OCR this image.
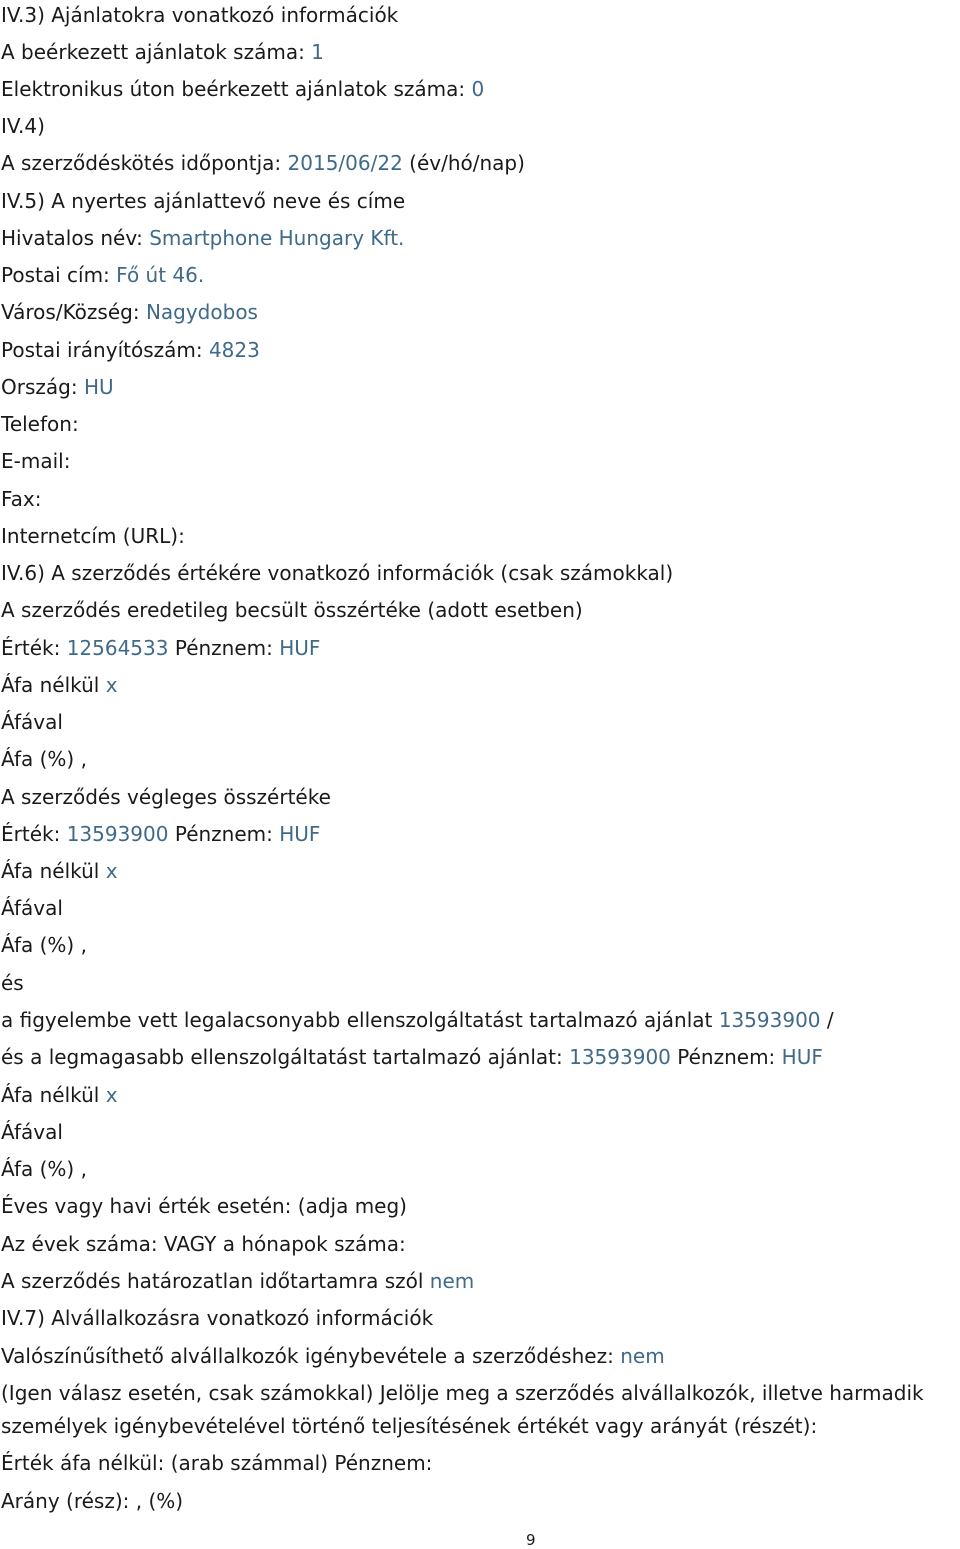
IV.3) Ajánlatokra vonatkozó információk
A beérkezett ajánlatok száma: 1
Elektronikus úton beérkezett ajánlatok száma: 0
IV.4)
A szerződéskötés időpontja: 2015/06/22 (év/hó/nap)
IV.5) A nyertes ajánlattevő neve és címe
Hivatalos név: Smartphone Hungary Kft.
Postai cím: Fő út 46.
Város/Község: Nagydobos
Postai irányítószám: 4823
Ország: HU
Telefon:
E-mail:
Fax:
Internetcím (URL):
IV.6) A szerződés értékére vonatkozó információk (csak számokkal)
A szerződés eredetileg becsült összértéke (adott esetben)
Érték: 12564533 Pénznem: HUF
Áfa nélkül x
Áfával
Áfa (%) ,
A szerződés végleges összértéke
Érték: 13593900 Pénznem: HUF
Áfa nélkül x
Áfával
Áfa (%) ,
és
a figyelembe vett legalacsonyabb ellenszolgáltatást tartalmazó ajánlat 13593900 /
és a legmagasabb ellenszolgáltatást tartalmazó ajánlat: 13593900 Pénznem: HUF
Áfa nélkül x
Áfával
Áfa (%) ,
Éves vagy havi érték esetén: (adja meg)
Az évek száma: VAGY a hónapok száma:
A szerződés határozatlan időtartamra szól nem
IV.7) Alvállalkozásra vonatkozó információk
Valószínűsíthető alvállalkozók igénybevétele a szerződéshez: nem
(Igen válasz esetén, csak számokkal) Jelölje meg a szerződés alvállalkozók, illetve harmadik
személyek igénybevételével történő teljesítésének értékét vagy arányát (részét):
Érték áfa nélkül: (arab számmal) Pénznem:
Arány (rész): , (%)
9
